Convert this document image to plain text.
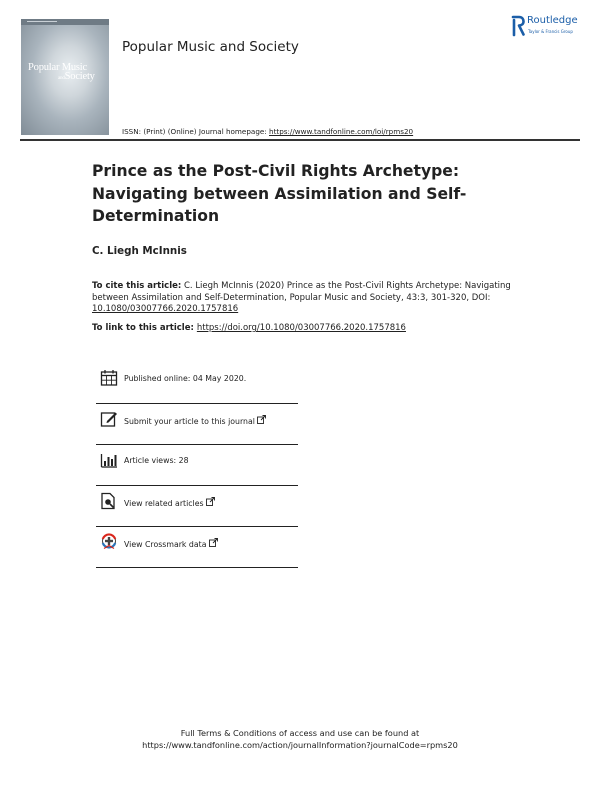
Popular Music
andSociety
Routledge
Popular Music and Society
Routledge
Taylor & Francis Group
ISSN: (Print) (Online) Journal homepage: https://www.tandfonline.com/loi/rpms20
Prince as the Post-Civil Rights Archetype: Navigating between Assimilation and Self-Determination
C. Liegh McInnis
To cite this article: C. Liegh McInnis (2020) Prince as the Post-Civil Rights Archetype: Navigating between Assimilation and Self-Determination, Popular Music and Society, 43:3, 301-320, DOI: 10.1080/03007766.2020.1757816
To link to this article: https://doi.org/10.1080/03007766.2020.1757816
Published online: 04 May 2020.
Submit your article to this journal
Article views: 28
View related articles
View Crossmark data
Full Terms & Conditions of access and use can be found at
https://www.tandfonline.com/action/journalInformation?journalCode=rpms20
